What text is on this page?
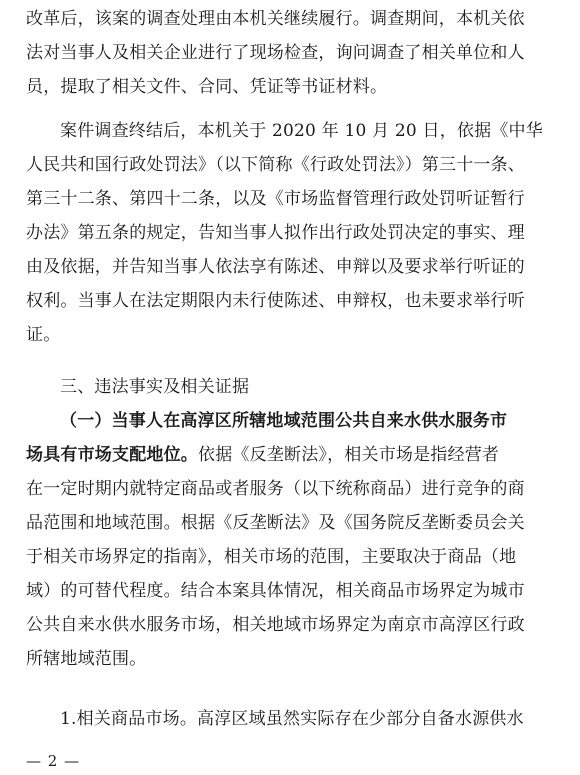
改革后，该案的调查处理由本机关继续履行。调查期间，本机关依
法对当事人及相关企业进行了现场检查，询问调查了相关单位和人
员，提取了相关文件、合同、凭证等书证材料。
案件调查终结后，本机关于 2020 年 10 月 20 日，依据《中华
人民共和国行政处罚法》（以下简称《行政处罚法》）第三十一条、
第三十二条、第四十二条，以及《市场监督管理行政处罚听证暂行
办法》第五条的规定，告知当事人拟作出行政处罚决定的事实、理
由及依据，并告知当事人依法享有陈述、申辩以及要求举行听证的
权利。当事人在法定期限内未行使陈述、申辩权，也未要求举行听
证。
三、违法事实及相关证据
（一）当事人在高淳区所辖地域范围公共自来水供水服务市
场具有市场支配地位。依据《反垄断法》，相关市场是指经营者
在一定时期内就特定商品或者服务（以下统称商品）进行竞争的商
品范围和地域范围。根据《反垄断法》及《国务院反垄断委员会关
于相关市场界定的指南》，相关市场的范围，主要取决于商品（地
域）的可替代程度。结合本案具体情况，相关商品市场界定为城市
公共自来水供水服务市场，相关地域市场界定为南京市高淳区行政
所辖地域范围。
1.相关商品市场。高淳区域虽然实际存在少部分自备水源供水
— 2 —
